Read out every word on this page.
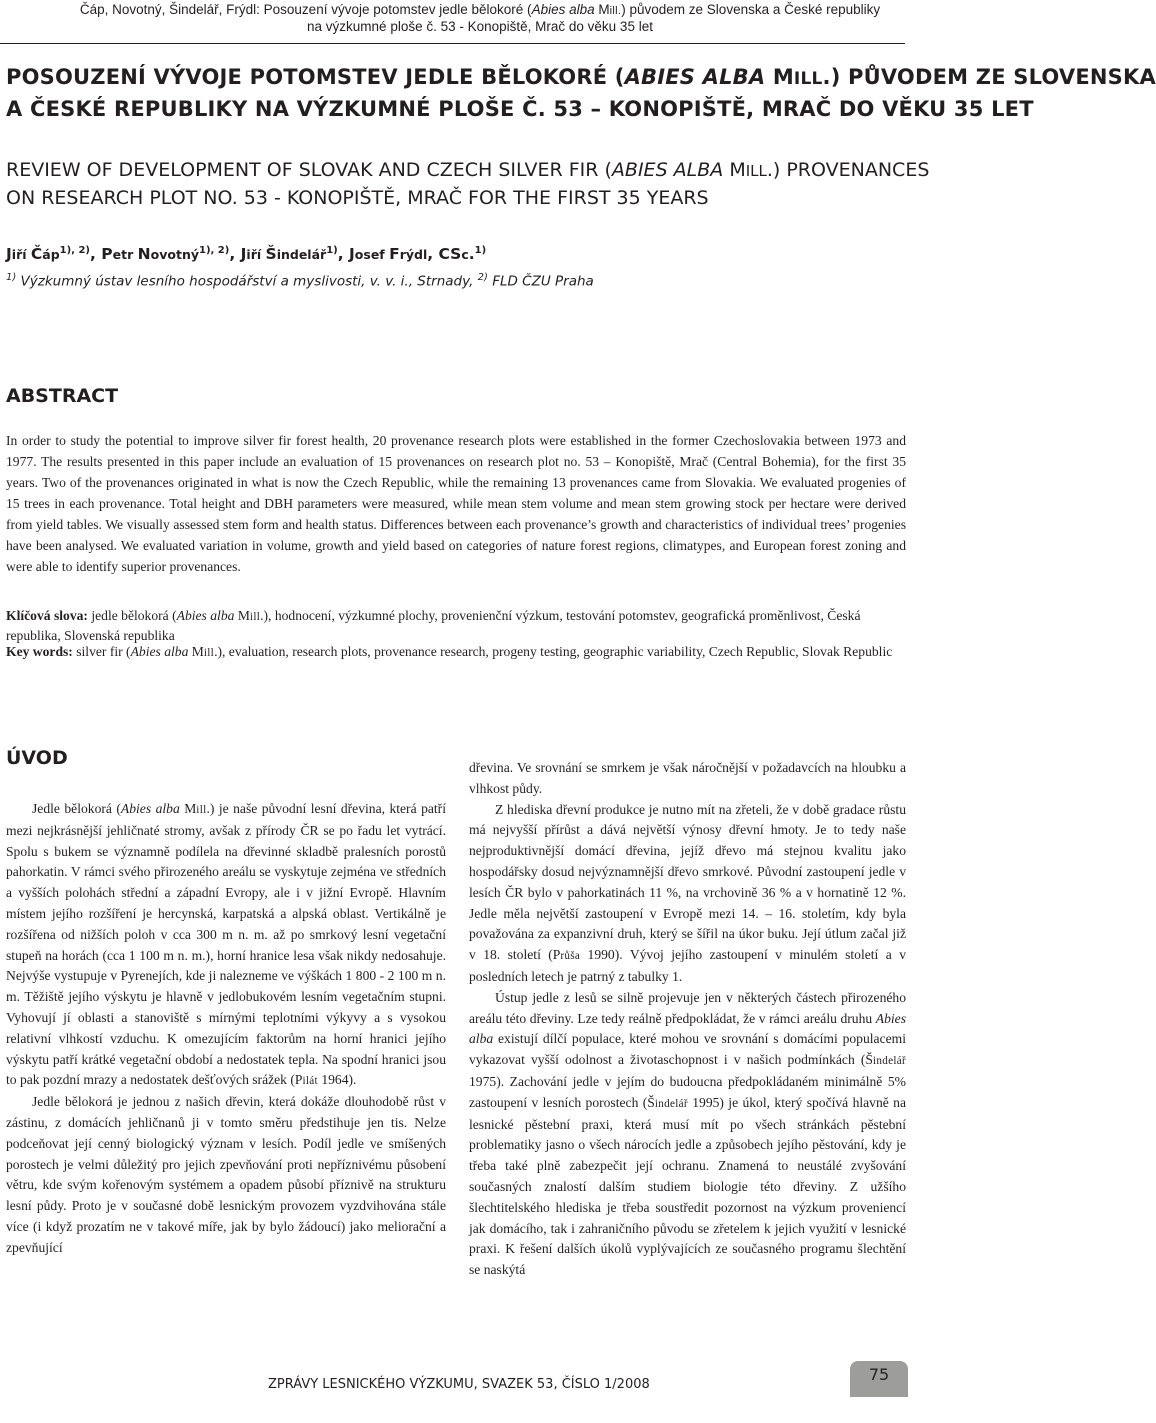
Čáp, Novotný, Šindelář, Frýdl: Posouzení vývoje potomstev jedle bělokoré (Abies alba Mill.) původem ze Slovenska a České republiky
na výzkumné ploše č. 53 - Konopiště, Mrač do věku 35 let
POSOUZENÍ VÝVOJE POTOMSTEV JEDLE BĚLOKORÉ (ABIES ALBA MILL.) PŮVODEM ZE SLOVENSKA
A ČESKÉ REPUBLIKY NA VÝZKUMNÉ PLOŠE Č. 53 – KONOPIŠTĚ, MRAČ DO VĚKU 35 LET
REVIEW OF DEVELOPMENT OF SLOVAK AND CZECH SILVER FIR (ABIES ALBA MILL.) PROVENANCES
ON RESEARCH PLOT NO. 53 - KONOPIŠTĚ, MRAČ FOR THE FIRST 35 YEARS
Jiří Čáp$^{1), 2)}$, Petr Novotný$^{1), 2)}$, Jiří Šindelář$^{1)}$, Josef Frýdl, CSc.$^{1)}$
$^{1)}$ Výzkumný ústav lesního hospodářství a myslivosti, v. v. i., Strnady, $^{2)}$ FLD ČZU Praha
ABSTRACT
In order to study the potential to improve silver fir forest health, 20 provenance research plots were established in the former Czechoslovakia between 1973 and 1977. The results presented in this paper include an evaluation of 15 provenances on research plot no. 53 – Konopiště, Mrač (Central Bohemia), for the first 35 years. Two of the provenances originated in what is now the Czech Republic, while the remaining 13 provenances came from Slovakia. We evaluated progenies of 15 trees in each provenance. Total height and DBH parameters were measured, while mean stem volume and mean stem growing stock per hectare were derived from yield tables. We visually assessed stem form and health status. Differences between each provenance’s growth and characteristics of individual trees’ progenies have been analysed. We evaluated variation in volume, growth and yield based on categories of nature forest regions, climatypes, and European forest zoning and were able to identify superior provenances.
Klíčová slova: jedle bělokorá (Abies alba Mill.), hodnocení, výzkumné plochy, provenienční výzkum, testování potomstev, geografická proměnlivost, Česká republika, Slovenská republika
Key words: silver fir (Abies alba Mill.), evaluation, research plots, provenance research, progeny testing, geographic variability, Czech Republic, Slovak Republic
ÚVOD

Jedle bělokorá (Abies alba Mill.) je naše původní lesní dřevina, která patří mezi nejkrásnější jehličnaté stromy, avšak z přírody ČR se po řadu let vytrácí. Spolu s bukem se významně podílela na dřevinné skladbě pralesních porostů pahorkatin. V rámci svého přirozeného areálu se vyskytuje zejména ve středních a vyšších polohách střední a západní Evropy, ale i v jižní Evropě. Hlavním místem jejího rozšíření je hercynská, karpatská a alpská oblast. Vertikálně je rozšířena od nižších poloh v cca 300 m n. m. až po smrkový lesní vegetační stupeň na horách (cca 1 100 m n. m.), horní hranice lesa však nikdy nedosahuje. Nejvýše vystupuje v Pyrenejích, kde ji nalezneme ve výškách 1 800 - 2 100 m n. m. Těžiště jejího výskytu je hlavně v jedlobukovém lesním vegetačním stupni. Vyhovují jí oblasti a stanoviště s mírnými teplotními výkyvy a s vysokou relativní vlhkostí vzduchu. K omezujícím faktorům na horní hranici jejího výskytu patří krátké vegetační období a nedostatek tepla. Na spodní hranici jsou to pak pozdní mrazy a nedostatek dešťových srážek (Pilát 1964).

Jedle bělokorá je jednou z našich dřevin, která dokáže dlouhodobě růst v zástinu, z domácích jehličnanů ji v tomto směru předstihuje jen tis. Nelze podceňovat její cenný biologický význam v lesích. Podíl jedle ve smíšených porostech je velmi důležitý pro jejich zpevňování proti nepříznivému působení větru, kde svým kořenovým systémem a opadem působí příznivě na strukturu lesní půdy. Proto je v současné době lesnickým provozem vyzdvihována stále více (i když prozatím ne v takové míře, jak by bylo žádoucí) jako meliorační a zpevňující

dřevina. Ve srovnání se smrkem je však náročnější v požadavcích na hloubku a vlhkost půdy.

Z hlediska dřevní produkce je nutno mít na zřeteli, že v době gradace růstu má nejvyšší přírůst a dává největší výnosy dřevní hmoty. Je to tedy naše nejproduktivnější domácí dřevina, jejíž dřevo má stejnou kvalitu jako hospodářsky dosud nejvýznamnější dřevo smrkové. Původní zastoupení jedle v lesích ČR bylo v pahorkatinách 11 %, na vrchovině 36 % a v hornatině 12 %. Jedle měla největší zastoupení v Evropě mezi 14. – 16. stoletím, kdy byla považována za expanzivní druh, který se šířil na úkor buku. Její útlum začal již v 18. století (Průša 1990). Vývoj jejího zastoupení v minulém století a v posledních letech je patrný z tabulky 1.

Ústup jedle z lesů se silně projevuje jen v některých částech přirozeného areálu této dřeviny. Lze tedy reálně předpokládat, že v rámci areálu druhu Abies alba existují dílčí populace, které mohou ve srovnání s domácími populacemi vykazovat vyšší odolnost a životaschopnost i v našich podmínkách (Šindelář 1975). Zachování jedle v jejím do budoucna předpokládaném minimálně 5% zastoupení v lesních porostech (Šindelář 1995) je úkol, který spočívá hlavně na lesnické pěstební praxi, která musí mít po všech stránkách pěstební problematiky jasno o všech nárocích jedle a způsobech jejího pěstování, kdy je třeba také plně zabezpečit její ochranu. Znamená to neustálé zvyšování současných znalostí dalším studiem biologie této dřeviny. Z užšího šlechtitelského hlediska je třeba soustředit pozornost na výzkum proveniencí jak domácího, tak i zahraničního původu se zřetelem k jejich využití v lesnické praxi. K řešení dalších úkolů vyplývajících ze současného programu šlechtění se naskýtá

ZPRÁVY LESNICKÉHO VÝZKUMU, SVAZEK 53, ČÍSLO 1/2008
75
